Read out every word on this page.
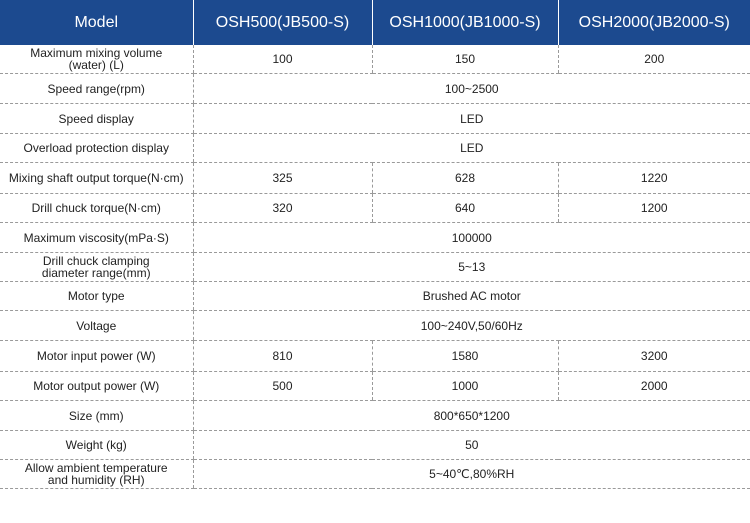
Model	OSH500(JB500-S)	OSH1000(JB1000-S)	OSH2000(JB2000-S)
Maximum mixing volume
(water) (L)	100	150	200
Speed range(rpm)	100~2500		
Speed display	LED		
Overload protection display	LED		
Mixing shaft output torque(N·cm)	325	628	1220
Drill chuck torque(N·cm)	320	640	1200
Maximum viscosity(mPa·S)	100000		
Drill chuck clamping
diameter range(mm)	5~13		
Motor type	Brushed AC motor		
Voltage	100~240V,50/60Hz		
Motor input power (W)	810	1580	3200
Motor output power (W)	500	1000	2000
Size (mm)	800*650*1200		
Weight (kg)	50		
Allow ambient temperature
and humidity (RH)	5~40℃,80%RH		
